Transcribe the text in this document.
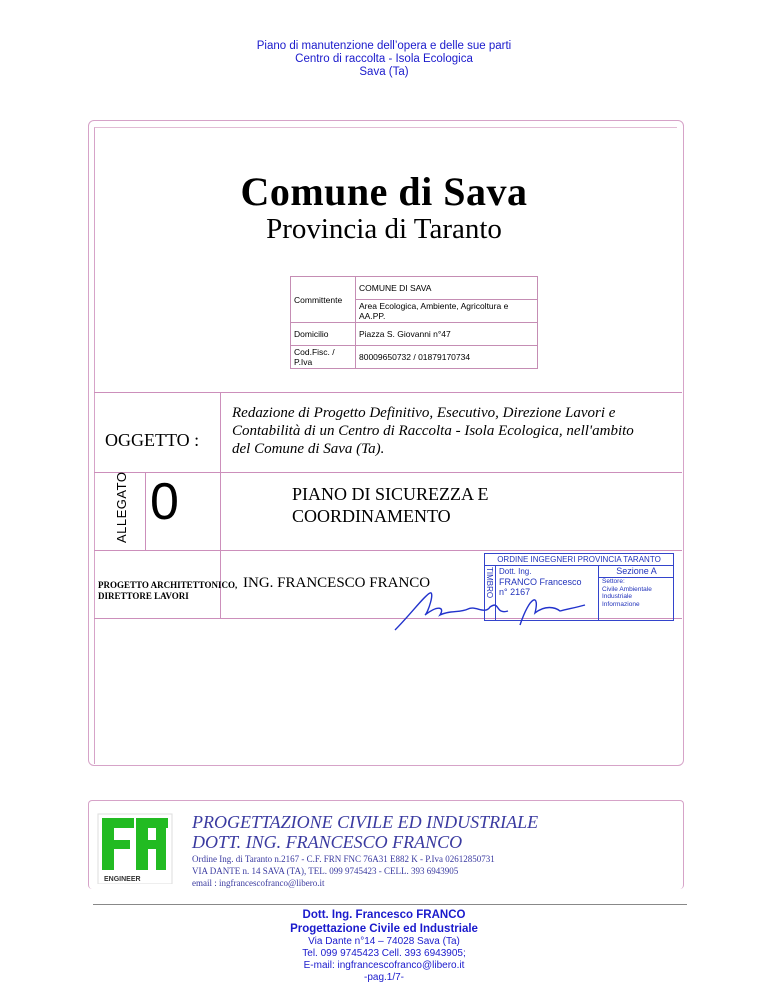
Piano di manutenzione dell’opera e delle sue parti
Centro di raccolta - Isola Ecologica
Sava (Ta)
Comune di Sava
Provincia di Taranto
Committente	COMUNE DI SAVA
	Area Ecologica, Ambiente, Agricoltura e AA.PP.
Domicilio	Piazza S. Giovanni n°47
Cod.Fisc. / P.Iva	80009650732 / 01879170734
OGGETTO :
Redazione di Progetto Definitivo, Esecutivo, Direzione Lavori e Contabilità di un Centro di Raccolta - Isola Ecologica, nell'ambito del Comune di Sava (Ta).
ALLEGATO 0	PIANO DI SICUREZZA E
COORDINAMENTO
PROGETTO ARCHITETTONICO,
DIRETTORE LAVORI
ING. FRANCESCO FRANCO
ORDINE INGEGNERI PROVINCIA TARANTO
TIMBRO Dott. Ing.
FRANCO Francesco
n° 2167
Sezione A
Settore:
Civile Ambientale
Industriale
Informazione
ENGINEER
PROGETTAZIONE CIVILE ED INDUSTRIALE
DOTT. ING. FRANCESCO FRANCO
Ordine Ing. di Taranto n.2167 - C.F. FRN FNC 76A31 E882 K - P.Iva 02612850731
VIA DANTE n. 14 SAVA (TA), TEL. 099 9745423 - CELL. 393 6943905
email : ingfrancescofranco@libero.it
Dott. Ing. Francesco FRANCO
Progettazione Civile ed Industriale
Via Dante n°14 – 74028 Sava (Ta)
Tel. 099 9745423 Cell. 393 6943905;
E-mail: ingfrancescofranco@libero.it
-pag.1/7-
